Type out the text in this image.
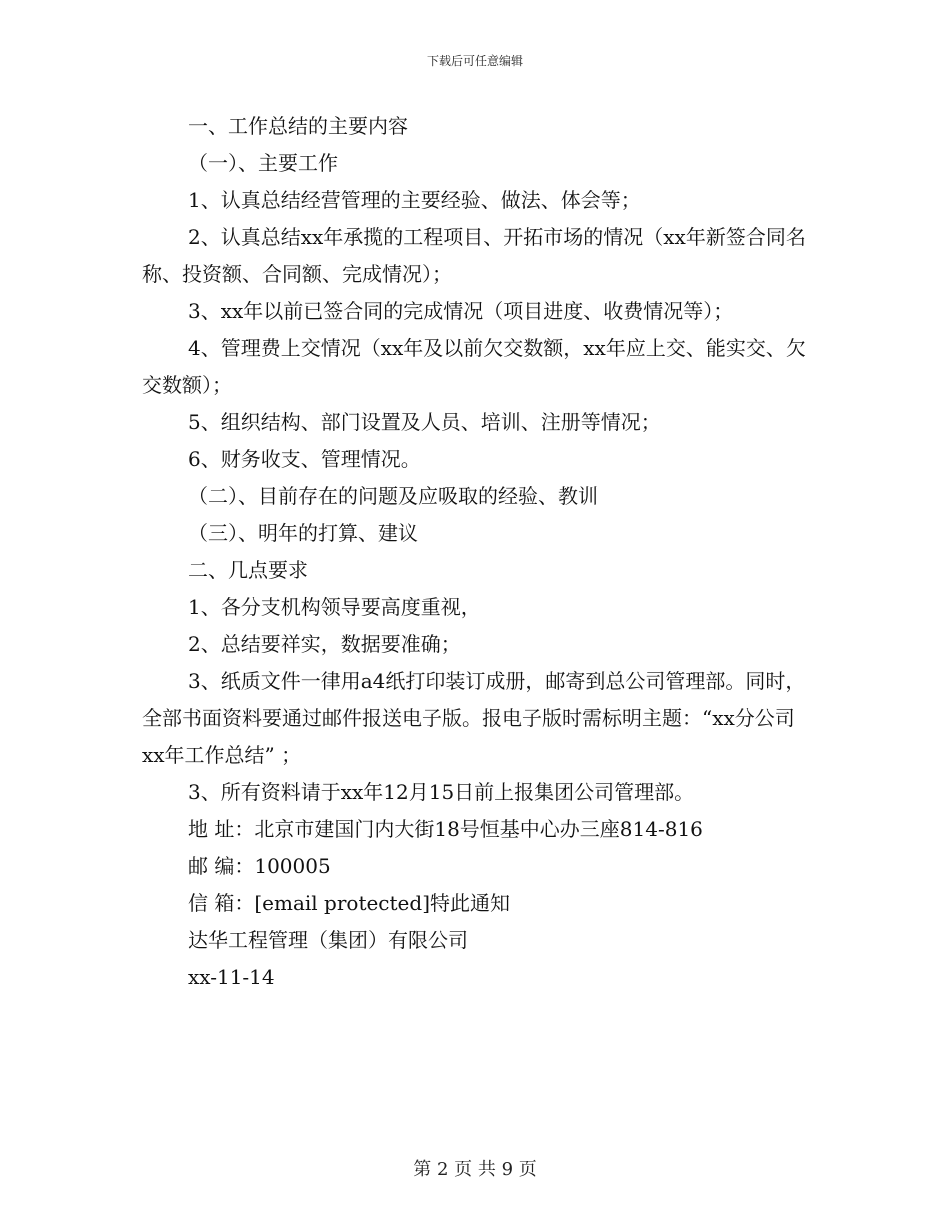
下载后可任意编辑

一、工作总结的主要内容

（一）、主要工作

1、认真总结经营管理的主要经验、做法、体会等；

2、认真总结xx年承揽的工程项目、开拓市场的情况（xx年新签合同名称、投资额、合同额、完成情况）；

3、xx年以前已签合同的完成情况（项目进度、收费情况等）；

4、管理费上交情况（xx年及以前欠交数额，xx年应上交、能实交、欠交数额）；

5、组织结构、部门设置及人员、培训、注册等情况；

6、财务收支、管理情况。

（二）、目前存在的问题及应吸取的经验、教训

（三）、明年的打算、建议

二、几点要求

1、各分支机构领导要高度重视，

2、总结要祥实，数据要准确；

3、纸质文件一律用a4纸打印装订成册，邮寄到总公司管理部。同时，全部书面资料要通过邮件报送电子版。报电子版时需标明主题：“xx分公司xx年工作总结” ；

3、所有资料请于xx年12月15日前上报集团公司管理部。

地 址：北京市建国门内大街18号恒基中心办三座814-816

邮 编：100005

信 箱：[email protected]特此通知

达华工程管理（集团）有限公司

xx-11-14

第 2 页 共 9 页
